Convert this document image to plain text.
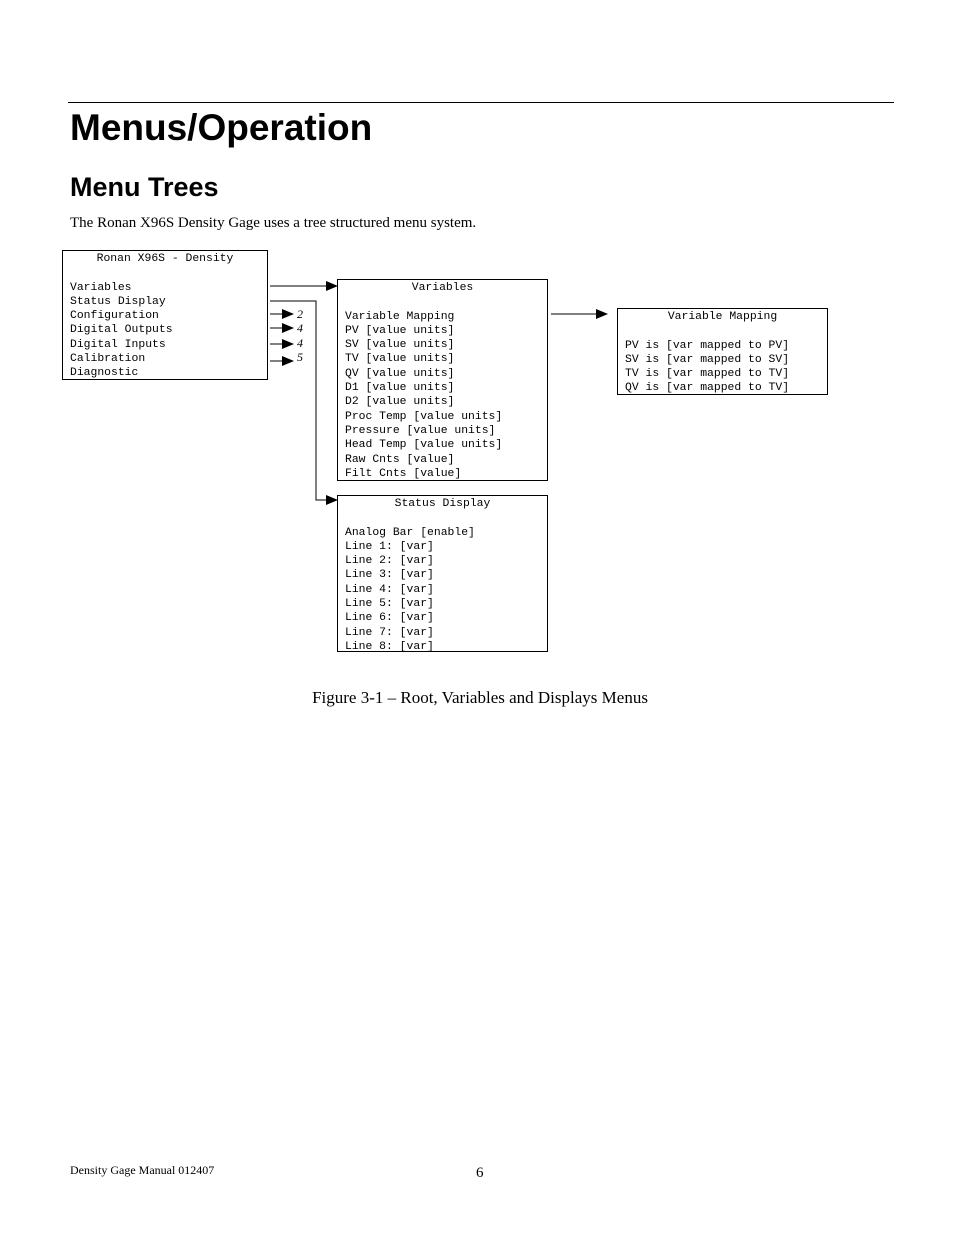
Menus/Operation
Menu Trees

The Ronan X96S Density Gage uses a tree structured menu system.

2
4
4
5
Ronan X96S - Density
Variables
Status Display
Configuration
Digital Outputs
Digital Inputs
Calibration
Diagnostic
Variables
Variable Mapping
PV [value units]
SV [value units]
TV [value units]
QV [value units]
D1 [value units]
D2 [value units]
Proc Temp [value units]
Pressure [value units]
Head Temp [value units]
Raw Cnts [value]
Filt Cnts [value]
Variable Mapping
PV is [var mapped to PV]
SV is [var mapped to SV]
TV is [var mapped to TV]
QV is [var mapped to TV]
Status Display
Analog Bar [enable]
Line 1: [var]
Line 2: [var]
Line 3: [var]
Line 4: [var]
Line 5: [var]
Line 6: [var]
Line 7: [var]
Line 8: [var]

Figure 3-1 – Root, Variables and Displays Menus

Density Gage Manual 012407	6
